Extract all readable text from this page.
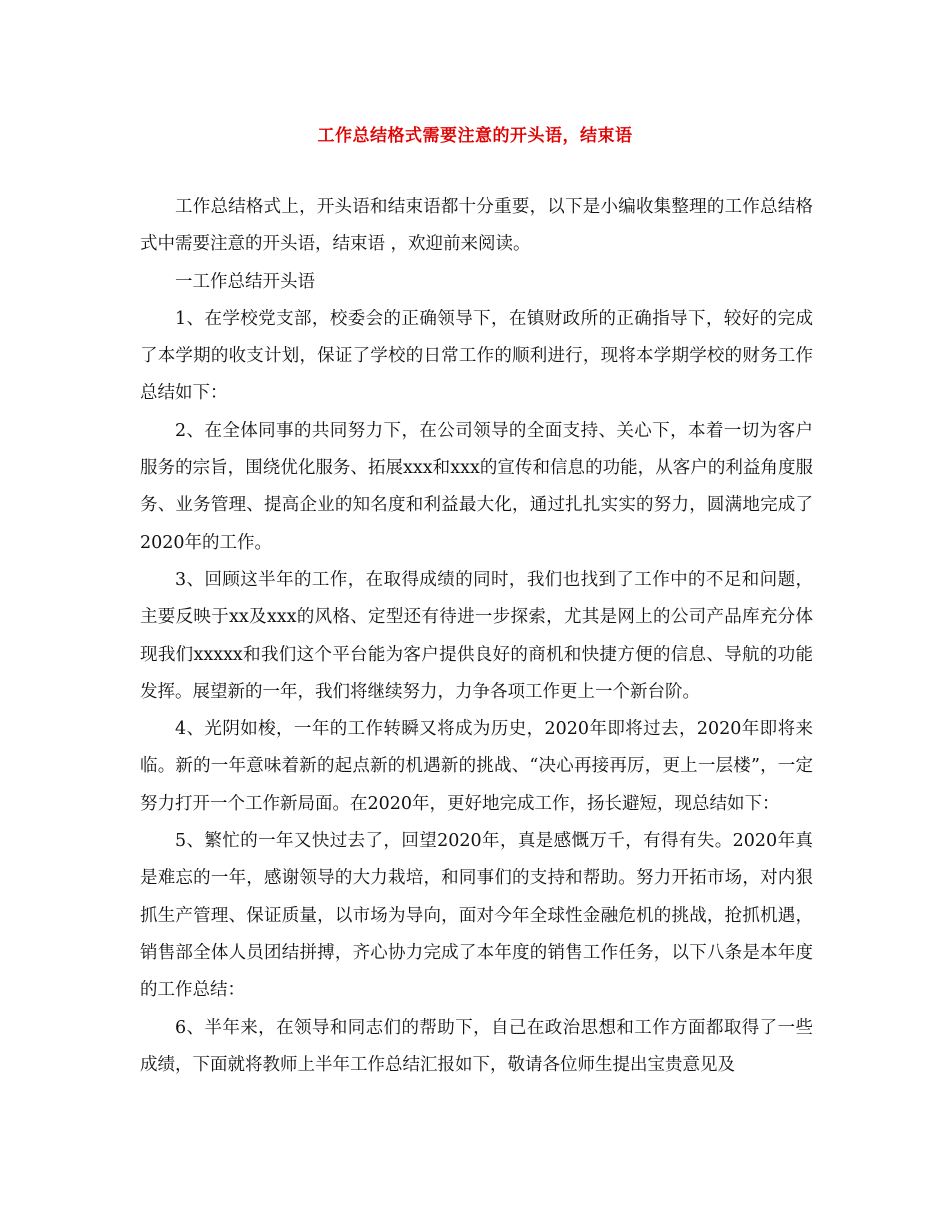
工作总结格式需要注意的开头语，结束语

工作总结格式上，开头语和结束语都十分重要，以下是小编收集整理的工作总结格式中需要注意的开头语，结束语 ，欢迎前来阅读。

一工作总结开头语

1、在学校党支部，校委会的正确领导下，在镇财政所的正确指导下，较好的完成了本学期的收支计划，保证了学校的日常工作的顺利进行，现将本学期学校的财务工作总结如下：

2、在全体同事的共同努力下，在公司领导的全面支持、关心下，本着一切为客户服务的宗旨，围绕优化服务、拓展xxx和xxx的宣传和信息的功能，从客户的利益角度服务、业务管理、提高企业的知名度和利益最大化，通过扎扎实实的努力，圆满地完成了2020年的工作。

3、回顾这半年的工作，在取得成绩的同时，我们也找到了工作中的不足和问题，主要反映于xx及xxx的风格、定型还有待进一步探索，尤其是网上的公司产品库充分体现我们xxxxx和我们这个平台能为客户提供良好的商机和快捷方便的信息、导航的功能发挥。展望新的一年，我们将继续努力，力争各项工作更上一个新台阶。

4、光阴如梭，一年的工作转瞬又将成为历史，2020年即将过去，2020年即将来临。新的一年意味着新的起点新的机遇新的挑战、“决心再接再厉，更上一层楼”，一定努力打开一个工作新局面。在2020年，更好地完成工作，扬长避短，现总结如下：

5、繁忙的一年又快过去了，回望2020年，真是感慨万千，有得有失。2020年真是难忘的一年，感谢领导的大力栽培，和同事们的支持和帮助。努力开拓市场，对内狠抓生产管理、保证质量，以市场为导向，面对今年全球性金融危机的挑战，抢抓机遇，销售部全体人员团结拼搏，齐心协力完成了本年度的销售工作任务，以下八条是本年度的工作总结：

6、半年来，在领导和同志们的帮助下，自己在政治思想和工作方面都取得了一些成绩，下面就将教师上半年工作总结汇报如下，敬请各位师生提出宝贵意见及
